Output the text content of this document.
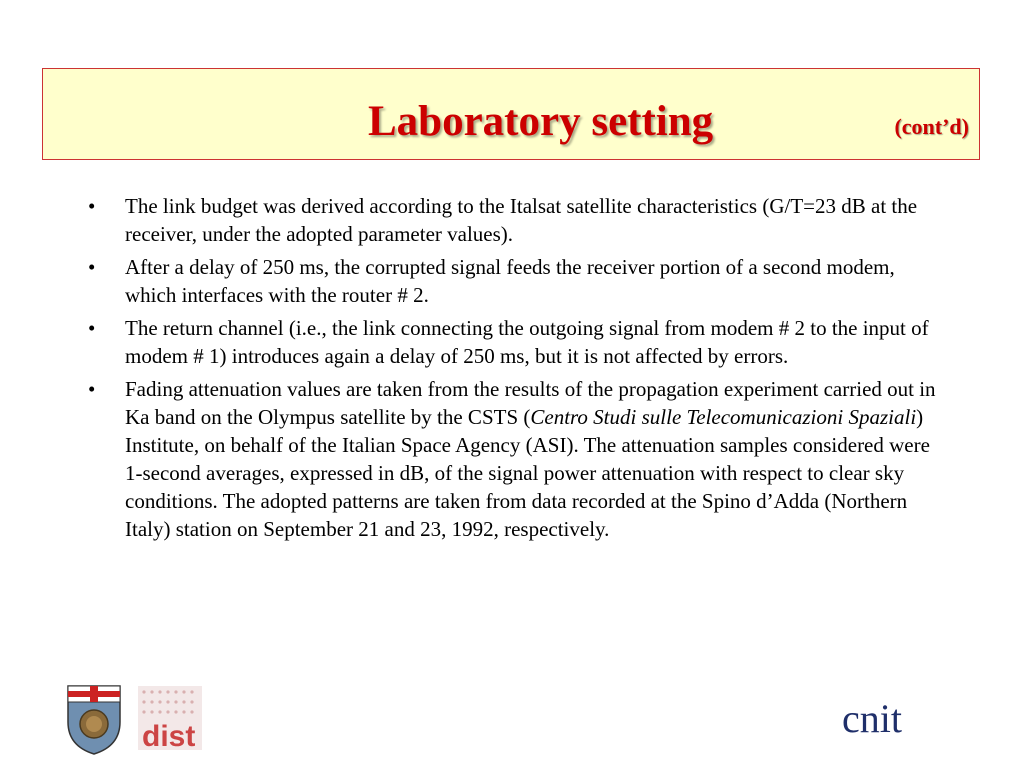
Laboratory setting	(cont’d)
• The link budget was derived according to the Italsat satellite characteristics (G/T=23 dB at the receiver, under the adopted parameter values).
• After a delay of 250 ms, the corrupted signal feeds the receiver portion of a second modem, which interfaces with the router # 2.
• The return channel (i.e., the link connecting the outgoing signal from modem # 2 to the input of modem # 1) introduces again a delay of 250 ms, but it is not affected by errors.
• Fading attenuation values are taken from the results of the propagation experiment carried out in Ka band on the Olympus satellite by the CSTS (Centro Studi sulle Telecomunicazioni Spaziali) Institute, on behalf of the Italian Space Agency (ASI). The attenuation samples considered were 1-second averages, expressed in dB, of the signal power attenuation with respect to clear sky conditions. The adopted patterns are taken from data recorded at the Spino d’Adda (Northern Italy) station on September 21 and 23, 1992, respectively.
dist	cnit
